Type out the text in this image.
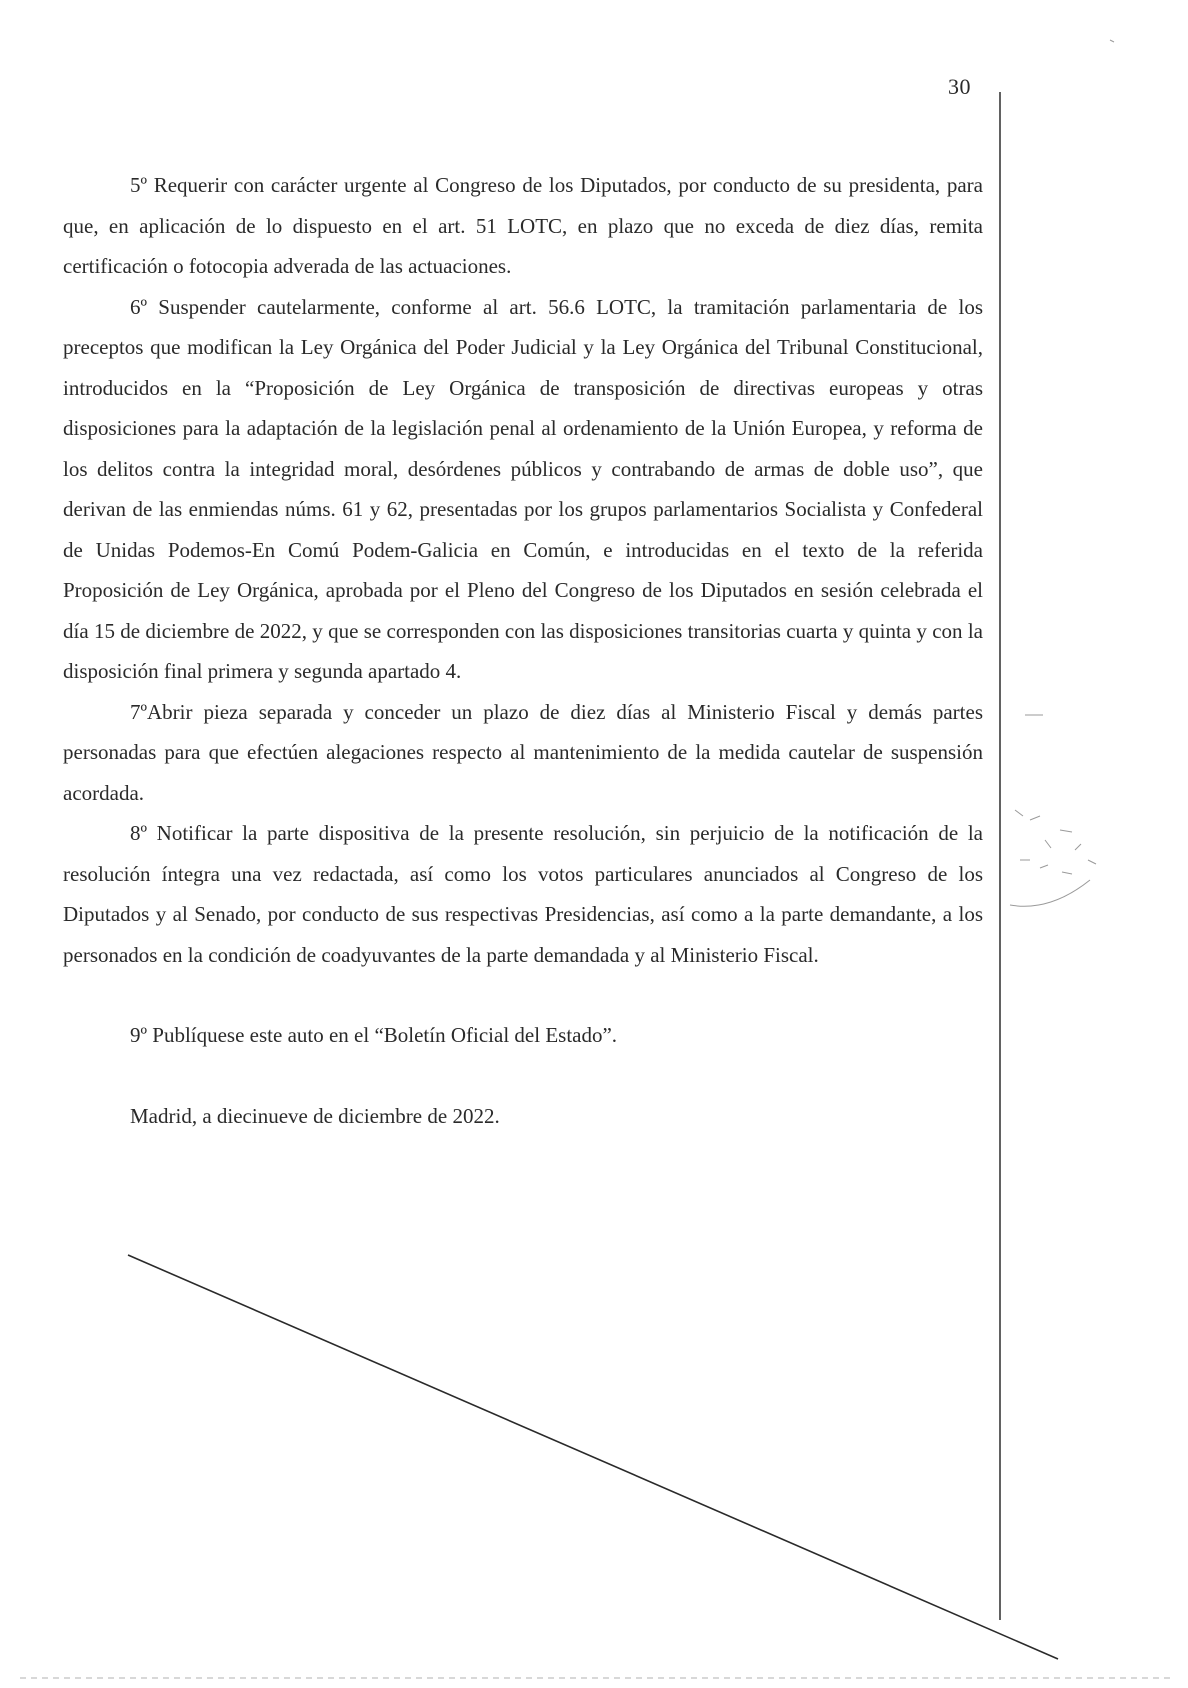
30

5º Requerir con carácter urgente al Congreso de los Diputados, por conducto de su presidenta, para que, en aplicación de lo dispuesto en el art. 51 LOTC, en plazo que no exceda de diez días, remita certificación o fotocopia adverada de las actuaciones.

6º Suspender cautelarmente, conforme al art. 56.6 LOTC, la tramitación parlamentaria de los preceptos que modifican la Ley Orgánica del Poder Judicial y la Ley Orgánica del Tribunal Constitucional, introducidos en la “Proposición de Ley Orgánica de transposición de directivas europeas y otras disposiciones para la adaptación de la legislación penal al ordenamiento de la Unión Europea, y reforma de los delitos contra la integridad moral, desórdenes públicos y contrabando de armas de doble uso”, que derivan de las enmiendas núms. 61 y 62, presentadas por los grupos parlamentarios Socialista y Confederal de Unidas Podemos-En Comú Podem-Galicia en Común, e introducidas en el texto de la referida Proposición de Ley Orgánica, aprobada por el Pleno del Congreso de los Diputados en sesión celebrada el día 15 de diciembre de 2022, y que se corresponden con las disposiciones transitorias cuarta y quinta y con la disposición final primera y segunda apartado 4.

7ºAbrir pieza separada y conceder un plazo de diez días al Ministerio Fiscal y demás partes personadas para que efectúen alegaciones respecto al mantenimiento de la medida cautelar de suspensión acordada.

8º Notificar la parte dispositiva de la presente resolución, sin perjuicio de la notificación de la resolución íntegra una vez redactada, así como los votos particulares anunciados al Congreso de los Diputados y al Senado, por conducto de sus respectivas Presidencias, así como a la parte demandante, a los personados en la condición de coadyuvantes de la parte demandada y al Ministerio Fiscal.

9º Publíquese este auto en el “Boletín Oficial del Estado”.

Madrid, a diecinueve de diciembre de 2022.
